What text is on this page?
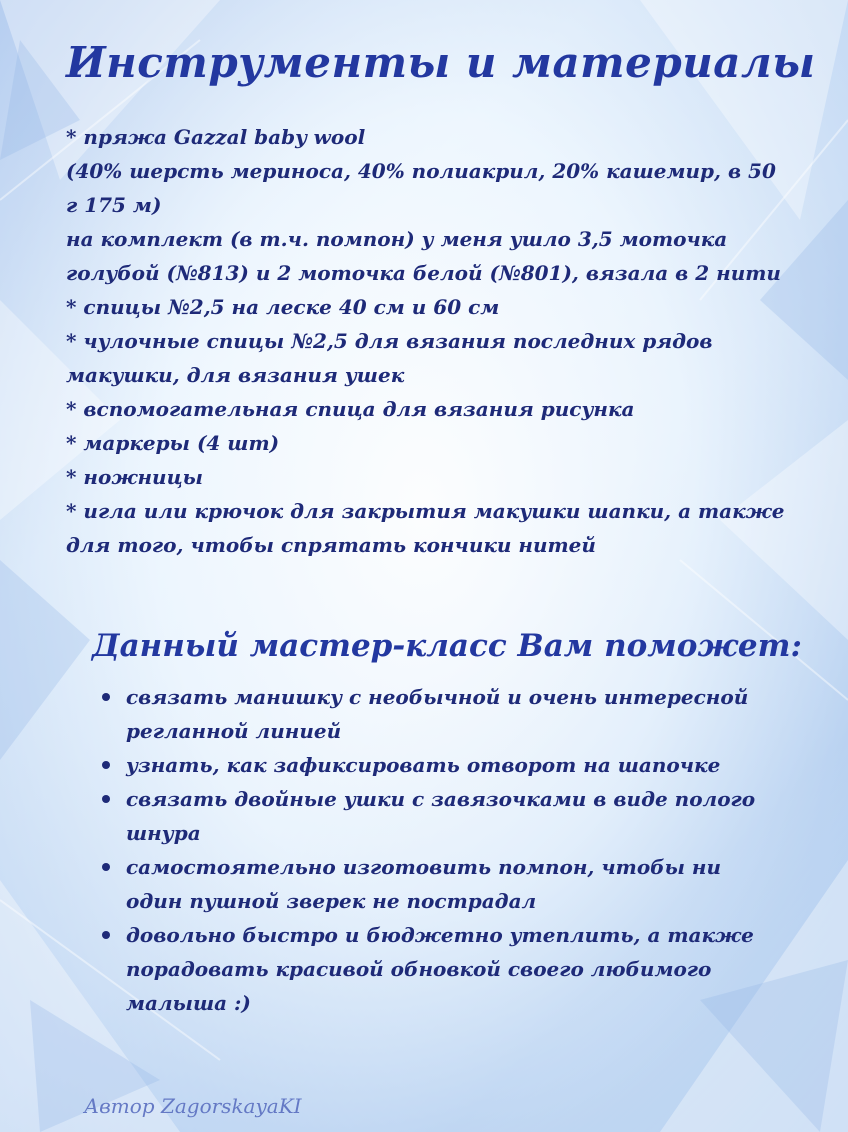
Инструменты и материалы
* пряжа Gazzal baby wool
(40% шерсть мериноса, 40% полиакрил, 20% кашемир, в 50 г 175 м)
на комплект (в т.ч. помпон) у меня ушло 3,5 моточка голубой (№813) и 2 моточка белой (№801), вязала в 2 нити
* спицы №2,5 на леске 40 см и 60 см
* чулочные спицы №2,5 для вязания последних рядов макушки, для вязания ушек
* вспомогательная спица для вязания рисунка
* маркеры (4 шт)
* ножницы
* игла или крючок для закрытия макушки шапки, а также для того, чтобы спрятать кончики нитей
Данный мастер-класс Вам поможет:
связать манишку с необычной и очень интересной реглaнной линией
узнать, как зафиксировать отворот на шапочке
связать двойные ушки с завязочками в виде полого шнура
самостоятельно изготовить помпон, чтобы ни один пушной зверек не пострадал
довольно быстро и бюджетно утеплить, а также порадовать красивой обновкой своего любимого малыша :)
Автор ZagorskayaKI
